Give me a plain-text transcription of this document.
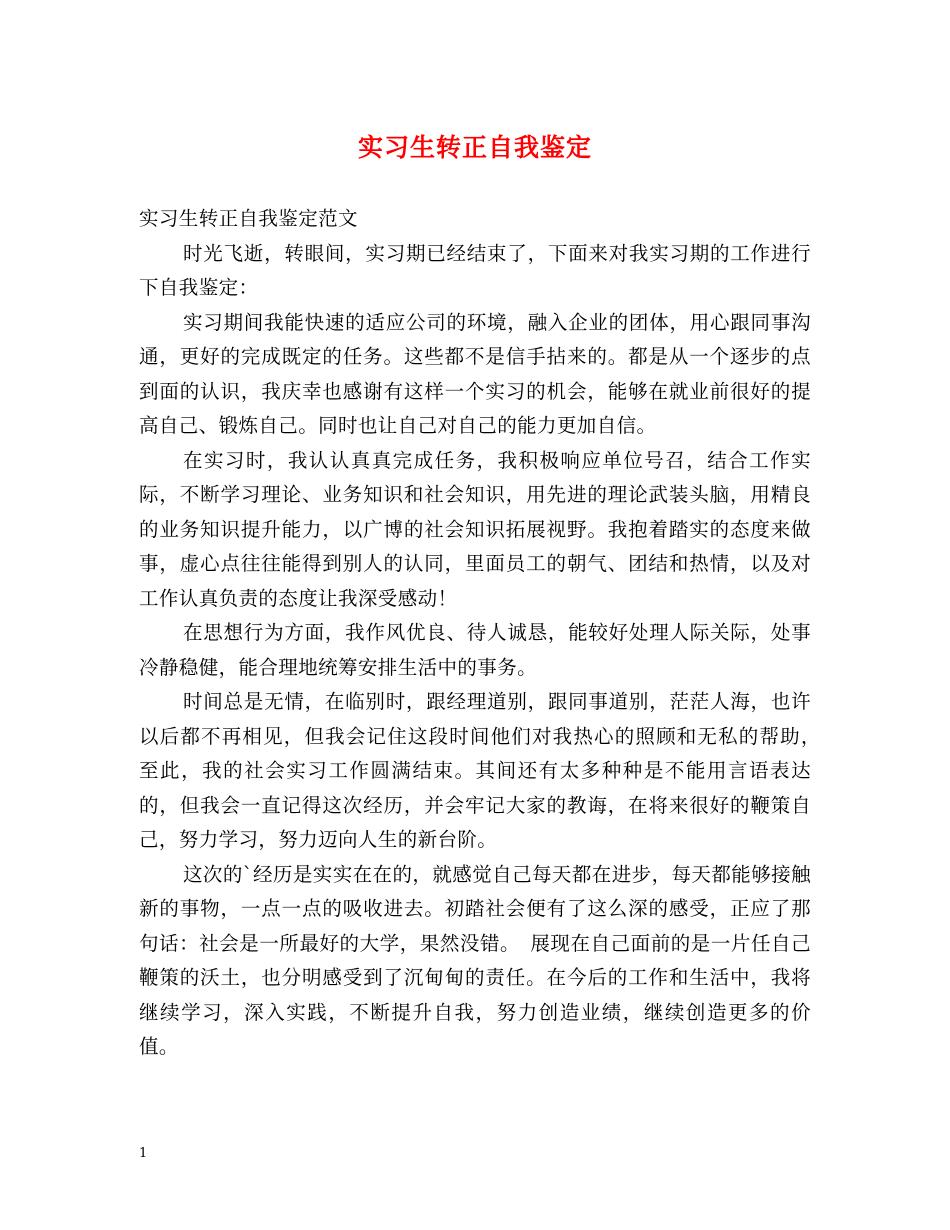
实习生转正自我鉴定

实习生转正自我鉴定范文

时光飞逝，转眼间，实习期已经结束了，下面来对我实习期的工作进行下自我鉴定：

实习期间我能快速的适应公司的环境，融入企业的团体，用心跟同事沟通，更好的完成既定的任务。这些都不是信手拈来的。都是从一个逐步的点到面的认识，我庆幸也感谢有这样一个实习的机会，能够在就业前很好的提高自己、锻炼自己。同时也让自己对自己的能力更加自信。

在实习时，我认认真真完成任务，我积极响应单位号召，结合工作实际，不断学习理论、业务知识和社会知识，用先进的理论武装头脑，用精良的业务知识提升能力，以广博的社会知识拓展视野。我抱着踏实的态度来做事，虚心点往往能得到别人的认同，里面员工的朝气、团结和热情，以及对工作认真负责的态度让我深受感动！

在思想行为方面，我作风优良、待人诚恳，能较好处理人际关际，处事冷静稳健，能合理地统筹安排生活中的事务。

时间总是无情，在临别时，跟经理道别，跟同事道别，茫茫人海，也许以后都不再相见，但我会记住这段时间他们对我热心的照顾和无私的帮助，　至此，我的社会实习工作圆满结束。其间还有太多种种是不能用言语表达的，但我会一直记得这次经历，并会牢记大家的教诲，在将来很好的鞭策自己，努力学习，努力迈向人生的新台阶。

这次的`经历是实实在在的，就感觉自己每天都在进步，每天都能够接触新的事物，一点一点的吸收进去。初踏社会便有了这么深的感受，正应了那句话：社会是一所最好的大学，果然没错。　展现在自己面前的是一片任自己鞭策的沃土，也分明感受到了沉甸甸的责任。在今后的工作和生活中，我将继续学习，深入实践，不断提升自我，努力创造业绩，继续创造更多的价值。

1
